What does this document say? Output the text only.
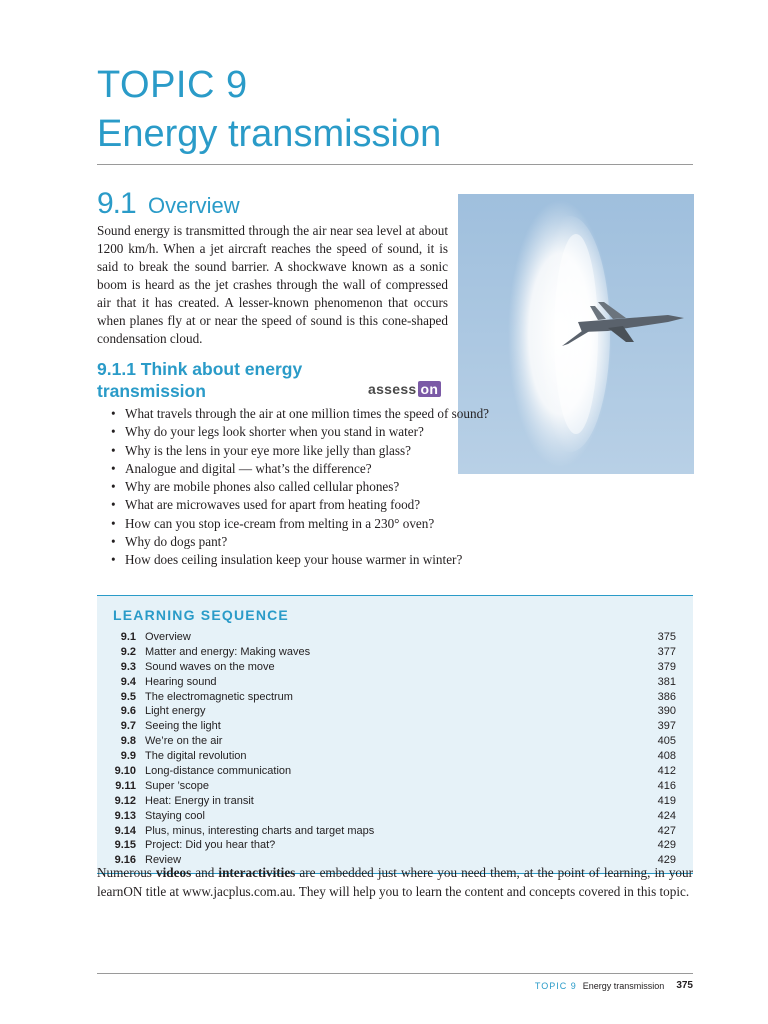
TOPIC 9
Energy transmission
9.1 Overview

Sound energy is transmitted through the air near sea level at about 1200 km/h. When a jet aircraft reaches the speed of sound, it is said to break the sound barrier. A shockwave known as a sonic boom is heard as the jet crashes through the wall of compressed air that it has created. A lesser-known phenomenon that occurs when planes fly at or near the speed of sound is this cone-shaped condensation cloud.

9.1.1 Think about energy transmission	assess on
• What travels through the air at one million times the speed of sound?
• Why do your legs look shorter when you stand in water?
• Why is the lens in your eye more like jelly than glass?
• Analogue and digital — what’s the difference?
• Why are mobile phones also called cellular phones?
• What are microwaves used for apart from heating food?
• How can you stop ice-cream from melting in a 230° oven?
• Why do dogs pant?
• How does ceiling insulation keep your house warmer in winter?
LEARNING SEQUENCE
9.1 Overview	375
9.2 Matter and energy: Making waves	377
9.3 Sound waves on the move	379
9.4 Hearing sound	381
9.5 The electromagnetic spectrum	386
9.6 Light energy	390
9.7 Seeing the light	397
9.8 We’re on the air	405
9.9 The digital revolution	408
9.10 Long-distance communication	412
9.11 Super ’scope	416
9.12 Heat: Energy in transit	419
9.13 Staying cool	424
9.14 Plus, minus, interesting charts and target maps	427
9.15 Project: Did you hear that?	429
9.16 Review	429

Numerous videos and interactivities are embedded just where you need them, at the point of learning, in your learnON title at www.jacplus.com.au. They will help you to learn the content and concepts covered in this topic.

TOPIC 9 Energy transmission 375
